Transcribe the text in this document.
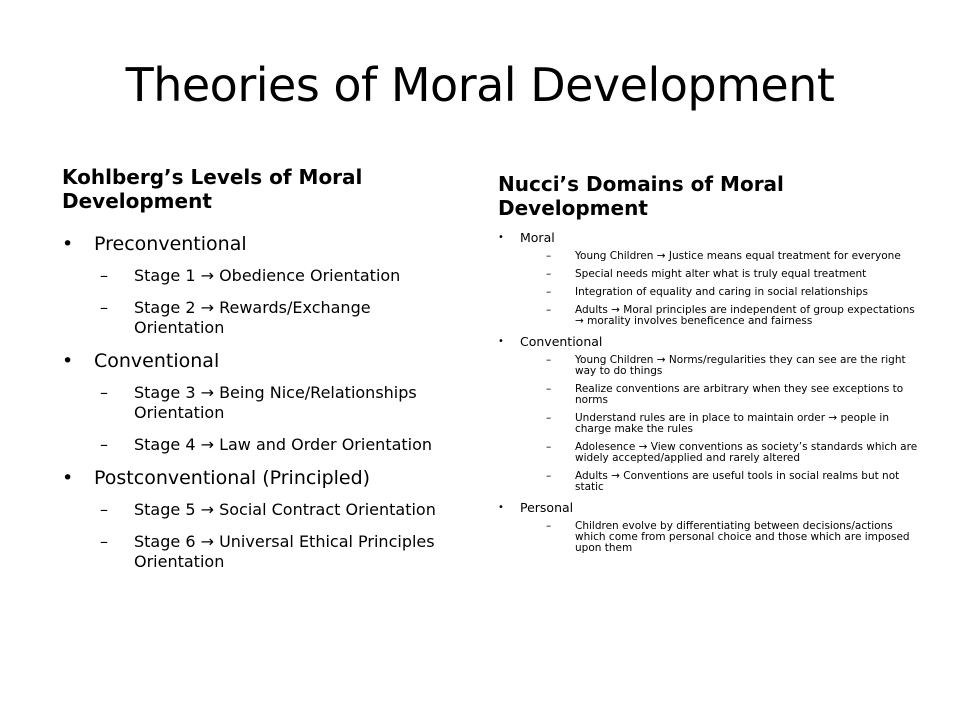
Theories of Moral Development
Kohlberg’s Levels of Moral Development
• Preconventional
– Stage 1 → Obedience Orientation
– Stage 2 → Rewards/Exchange Orientation
• Conventional
– Stage 3 → Being Nice/Relationships Orientation
– Stage 4 → Law and Order Orientation
• Postconventional (Principled)
– Stage 5 → Social Contract Orientation
– Stage 6 → Universal Ethical Principles Orientation
Nucci’s Domains of Moral Development
• Moral
– Young Children → Justice means equal treatment for everyone
– Special needs might alter what is truly equal treatment
– Integration of equality and caring in social relationships
– Adults → Moral principles are independent of group expectations → morality involves beneficence and fairness
• Conventional
– Young Children → Norms/regularities they can see are the right way to do things
– Realize conventions are arbitrary when they see exceptions to norms
– Understand rules are in place to maintain order → people in charge make the rules
– Adolesence → View conventions as society’s standards which are widely accepted/applied and rarely altered
– Adults → Conventions are useful tools in social realms but not static
• Personal
– Children evolve by differentiating between decisions/actions which come from personal choice and those which are imposed upon them
